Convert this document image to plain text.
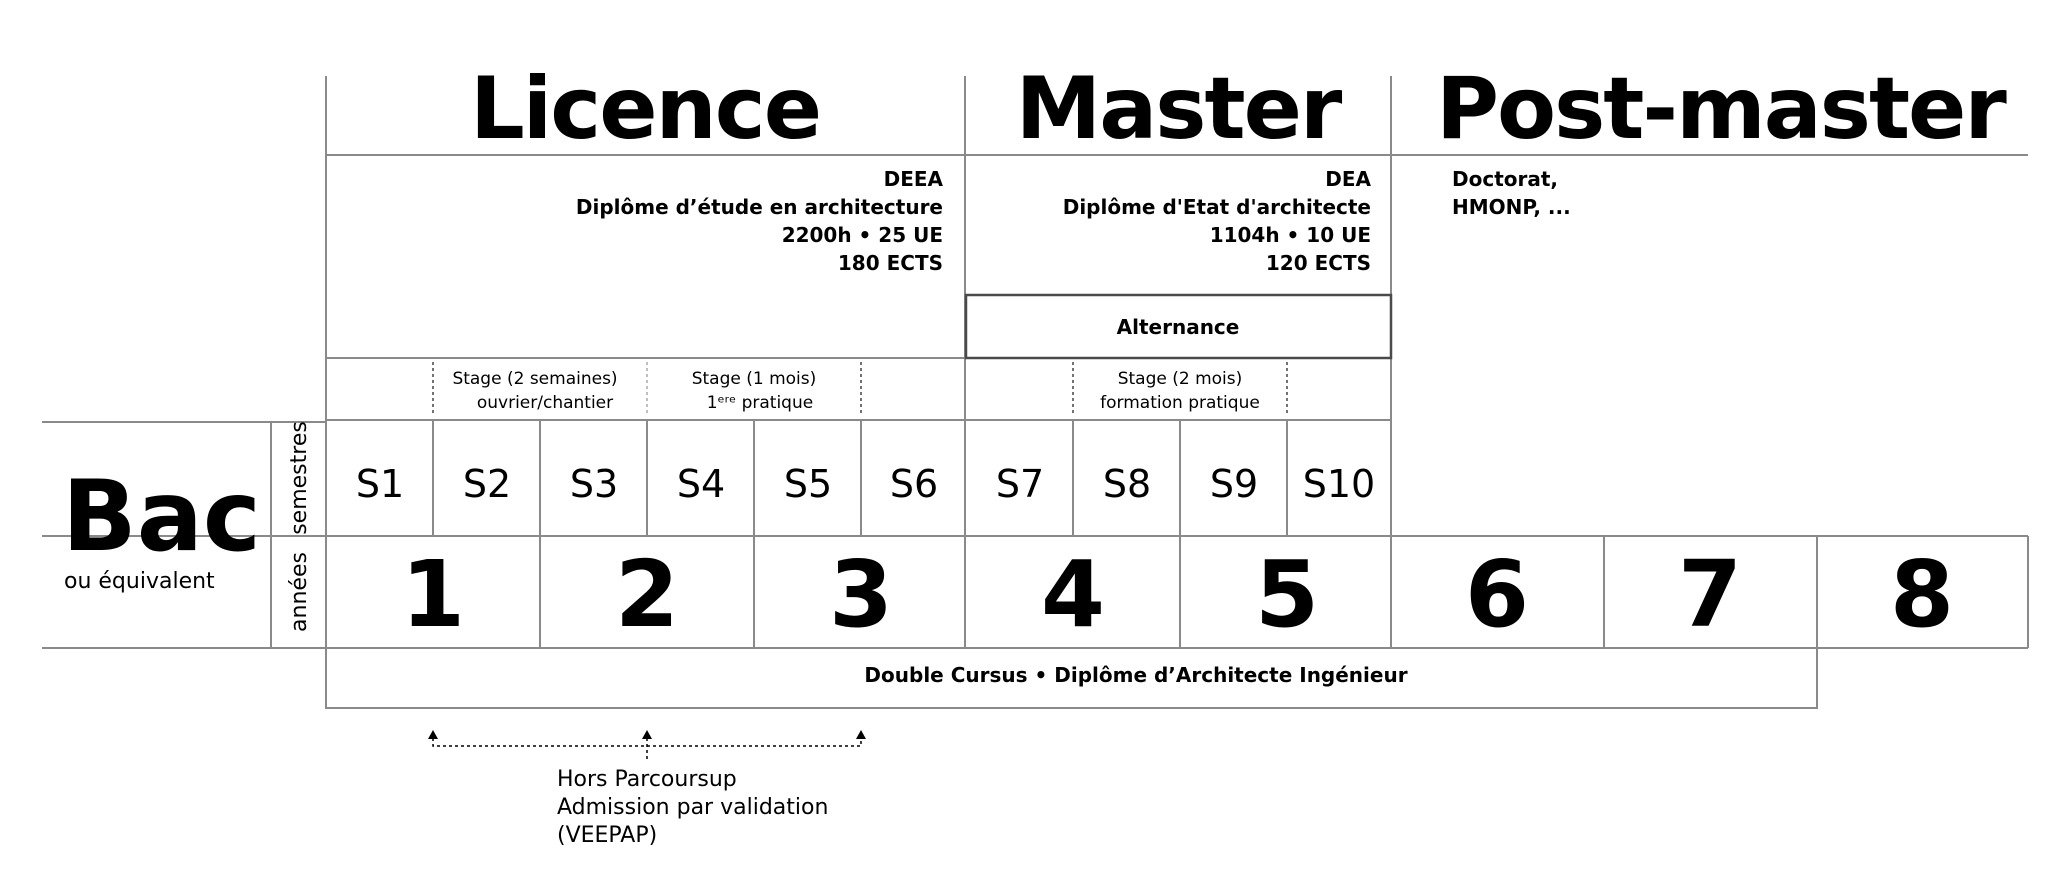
Licence Master Post-master
DEEA
Diplôme d’étude en architecture
2200h • 25 UE
180 ECTS
DEA
Diplôme d'Etat d'architecte
1104h • 10 UE
120 ECTS
Doctorat,
HMONP, ...
Alternance
Stage (2 semaines)
ouvrier/chantier
Stage (1 mois)
1ᵉʳᵉ pratique
Stage (2 mois)
formation pratique
Bac
ou équivalent
semestres
années
S1 S2 S3 S4 S5 S6 S7 S8 S9 S10
1 2 3 4 5 6 7 8
Double Cursus • Diplôme d’Architecte Ingénieur
Hors Parcoursup
Admission par validation
(VEEPAP)
